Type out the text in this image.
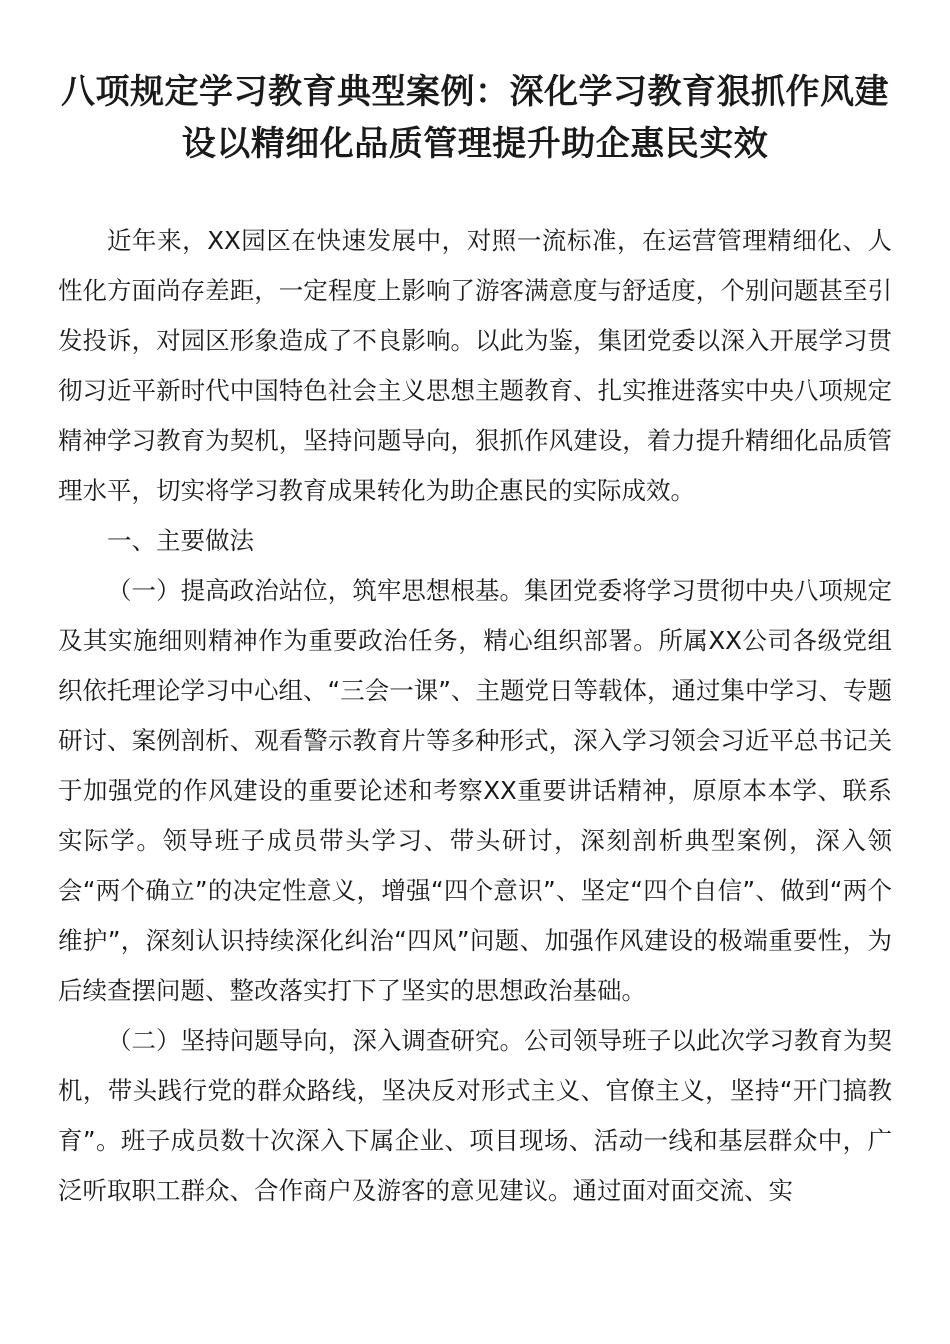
八项规定学习教育典型案例：深化学习教育狠抓作风建设以精细化品质管理提升助企惠民实效

近年来，XX园区在快速发展中，对照一流标准，在运营管理精细化、人性化方面尚存差距，一定程度上影响了游客满意度与舒适度，个别问题甚至引发投诉，对园区形象造成了不良影响。以此为鉴，集团党委以深入开展学习贯彻习近平新时代中国特色社会主义思想主题教育、扎实推进落实中央八项规定精神学习教育为契机，坚持问题导向，狠抓作风建设，着力提升精细化品质管理水平，切实将学习教育成果转化为助企惠民的实际成效。

一、主要做法

（一）提高政治站位，筑牢思想根基。集团党委将学习贯彻中央八项规定及其实施细则精神作为重要政治任务，精心组织部署。所属XX公司各级党组织依托理论学习中心组、“三会一课”、主题党日等载体，通过集中学习、专题研讨、案例剖析、观看警示教育片等多种形式，深入学习领会习近平总书记关于加强党的作风建设的重要论述和考察XX重要讲话精神，原原本本学、联系实际学。领导班子成员带头学习、带头研讨，深刻剖析典型案例，深入领会“两个确立”的决定性意义，增强“四个意识”、坚定“四个自信”、做到“两个维护”，深刻认识持续深化纠治“四风”问题、加强作风建设的极端重要性，为后续查摆问题、整改落实打下了坚实的思想政治基础。

（二）坚持问题导向，深入调查研究。公司领导班子以此次学习教育为契机，带头践行党的群众路线，坚决反对形式主义、官僚主义，坚持“开门搞教育”。班子成员数十次深入下属企业、项目现场、活动一线和基层群众中，广泛听取职工群众、合作商户及游客的意见建议。通过面对面交流、实
